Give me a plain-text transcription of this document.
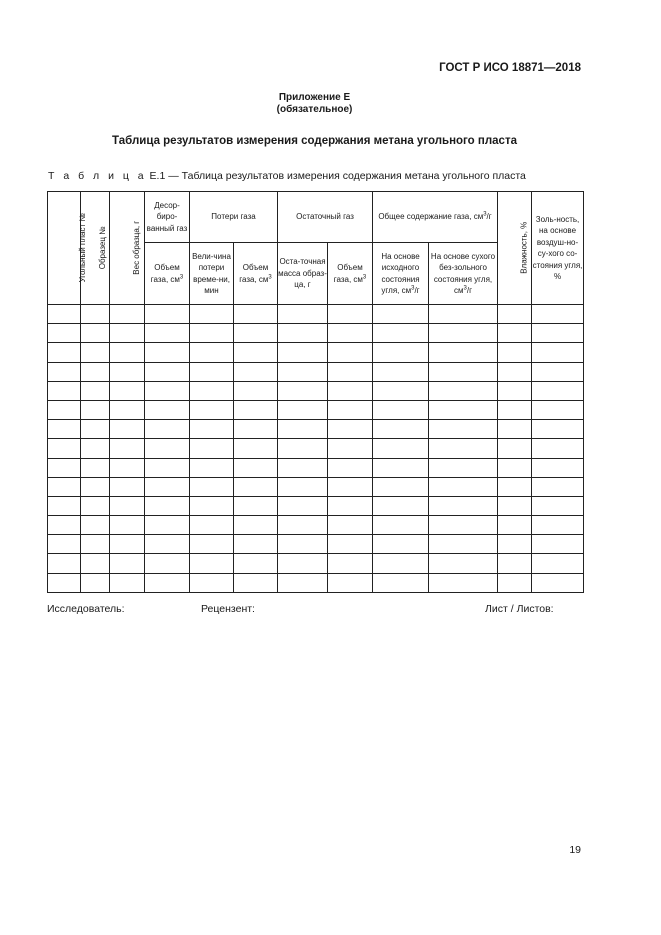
ГОСТ Р ИСО 18871—2018
Приложение Е
(обязательное)
Таблица результатов измерения содержания метана угольного пласта
Т а б л и ц а Е.1 — Таблица результатов измерения содержания метана угольного пласта
Угольный пласт №	Образец №	Вес образца, г	Десор-биро-ванный газ	Потери газа		Остаточный газ		Общее содержание газа, $см^3/г$		Влажность, %	Золь-ность, на основе воздуш-но-су-хого со-стояния угля, %
			Объем газа, $см^3$	Вели-чина потери време-ни, мин	Объем газа, $см^3$	Оста-точная масса образ-ца, г	Объем газа, $см^3$	На основе исходного состояния угля, $см^3/г$	На основе сухого без-зольного состояния угля, $см^3/г$		

Исследователь:	Рецензент:	Лист / Листов:
19
